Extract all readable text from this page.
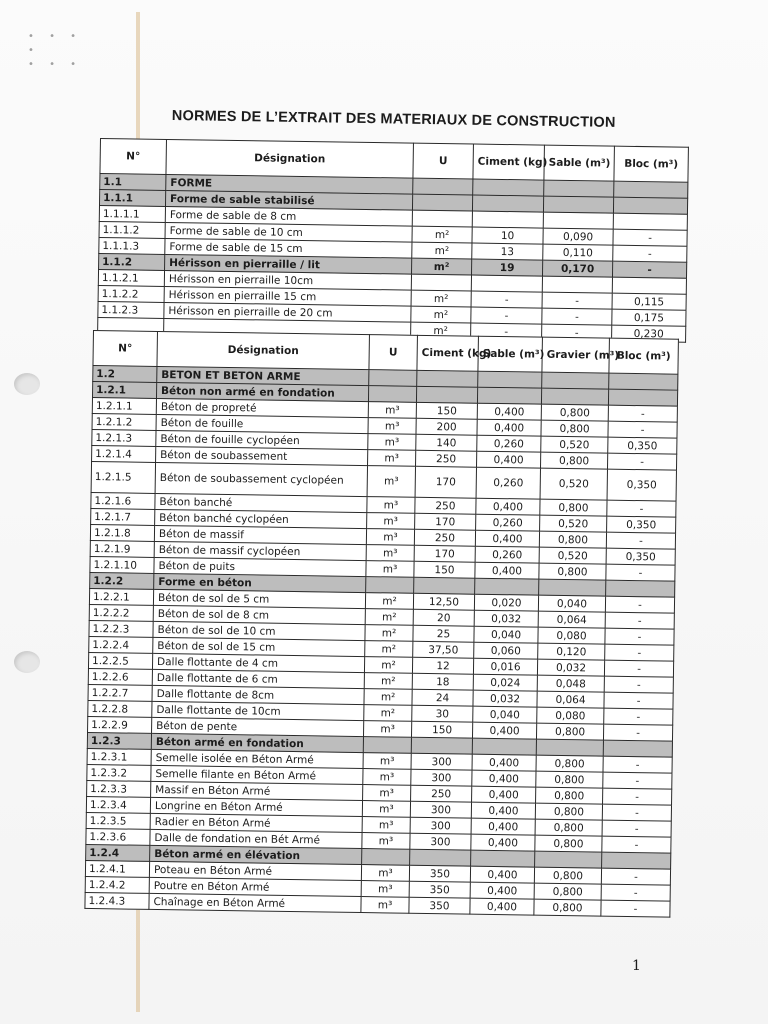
• • • •
• • •
NORMES DE L’EXTRAIT DES MATERIAUX DE CONSTRUCTION
N°	Désignation	U	Ciment (kg)	Sable (m³)	Bloc (m³)
1.1	FORME				
1.1.1	Forme de sable stabilisé				
1.1.1.1	Forme de sable de 8 cm				
1.1.1.2	Forme de sable de 10 cm	m²	10	0,090	-
1.1.1.3	Forme de sable de 15 cm	m²	13	0,110	-
1.1.2	Hérisson en pierraille / lit	m²	19	0,170	-
1.1.2.1	Hérisson en pierraille 10cm				
1.1.2.2	Hérisson en pierraille 15 cm	m²	-	-	0,115
1.1.2.3	Hérisson en pierraille de 20 cm	m²	-	-	0,175
		m²	-	-	0,230
N°	Désignation	U	Ciment (kg)	Sable (m³)	Gravier (m³)	Bloc (m³)
1.2	BETON ET BETON ARME					
1.2.1	Béton non armé en fondation					
1.2.1.1	Béton de propreté	m³	150	0,400	0,800	-
1.2.1.2	Béton de fouille	m³	200	0,400	0,800	-
1.2.1.3	Béton de fouille cyclopéen	m³	140	0,260	0,520	0,350
1.2.1.4	Béton de soubassement	m³	250	0,400	0,800	-
1.2.1.5	Béton de soubassement cyclopéen	m³	170	0,260	0,520	0,350
1.2.1.6	Béton banché	m³	250	0,400	0,800	-
1.2.1.7	Béton banché cyclopéen	m³	170	0,260	0,520	0,350
1.2.1.8	Béton de massif	m³	250	0,400	0,800	-
1.2.1.9	Béton de massif cyclopéen	m³	170	0,260	0,520	0,350
1.2.1.10	Béton de puits	m³	150	0,400	0,800	-
1.2.2	Forme en béton					
1.2.2.1	Béton de sol de 5 cm	m²	12,50	0,020	0,040	-
1.2.2.2	Béton de sol de 8 cm	m²	20	0,032	0,064	-
1.2.2.3	Béton de sol de 10 cm	m²	25	0,040	0,080	-
1.2.2.4	Béton de sol de 15 cm	m²	37,50	0,060	0,120	-
1.2.2.5	Dalle flottante de 4 cm	m²	12	0,016	0,032	-
1.2.2.6	Dalle flottante de 6 cm	m²	18	0,024	0,048	-
1.2.2.7	Dalle flottante de 8cm	m²	24	0,032	0,064	-
1.2.2.8	Dalle flottante de 10cm	m²	30	0,040	0,080	-
1.2.2.9	Béton de pente	m³	150	0,400	0,800	-
1.2.3	Béton armé en fondation					
1.2.3.1	Semelle isolée en Béton Armé	m³	300	0,400	0,800	-
1.2.3.2	Semelle filante en Béton Armé	m³	300	0,400	0,800	-
1.2.3.3	Massif en Béton Armé	m³	250	0,400	0,800	-
1.2.3.4	Longrine en Béton Armé	m³	300	0,400	0,800	-
1.2.3.5	Radier en Béton Armé	m³	300	0,400	0,800	-
1.2.3.6	Dalle de fondation en Bét Armé	m³	300	0,400	0,800	-
1.2.4	Béton armé en élévation					
1.2.4.1	Poteau en Béton Armé	m³	350	0,400	0,800	-
1.2.4.2	Poutre en Béton Armé	m³	350	0,400	0,800	-
1.2.4.3	Chaînage en Béton Armé	m³	350	0,400	0,800	-
1
